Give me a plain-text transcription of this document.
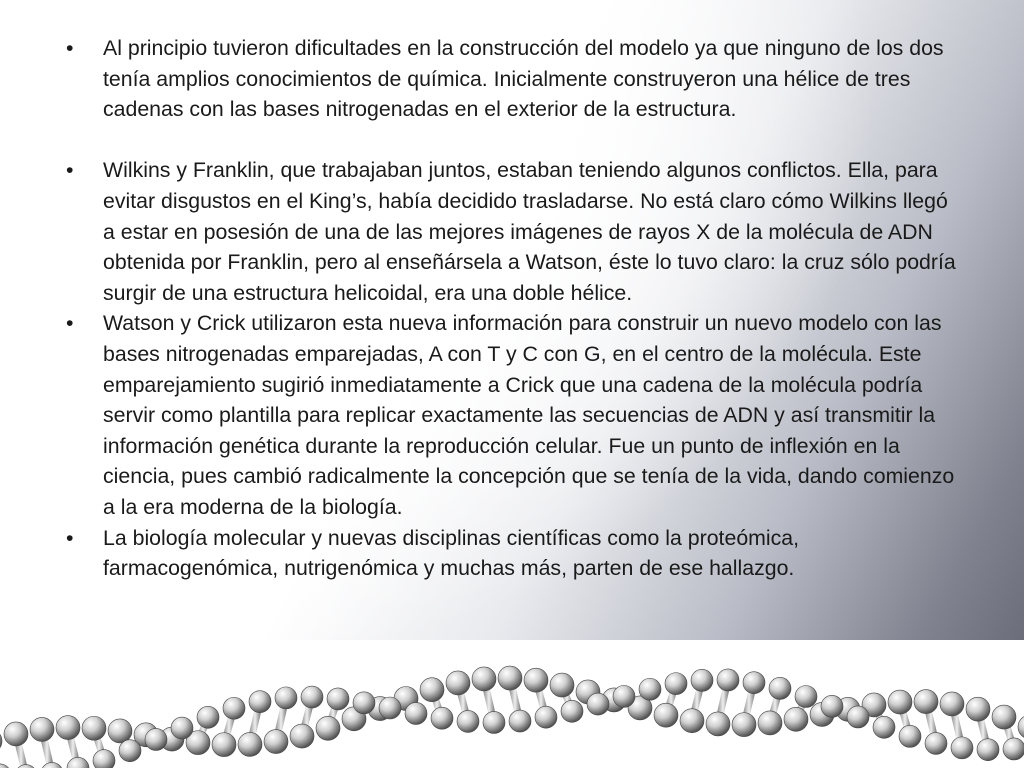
•	Al principio tuvieron dificultades en la construcción del modelo ya que ninguno de los dos tenía amplios conocimientos de química. Inicialmente construyeron una hélice de tres cadenas con las bases nitrogenadas en el exterior de la estructura.
•	Wilkins y Franklin, que trabajaban juntos, estaban teniendo algunos conflictos. Ella, para evitar disgustos en el King’s, había decidido trasladarse. No está claro cómo Wilkins llegó a estar en posesión de una de las mejores imágenes de rayos X de la molécula de ADN obtenida por Franklin, pero al enseñársela a Watson, éste lo tuvo claro: la cruz sólo podría surgir de una estructura helicoidal, era una doble hélice.
•	Watson y Crick utilizaron esta nueva información para construir un nuevo modelo con las bases nitrogenadas emparejadas, A con T y C con G, en el centro de la molécula. Este emparejamiento sugirió inmediatamente a Crick que una cadena de la molécula podría servir como plantilla para replicar exactamente las secuencias de ADN y así transmitir la información genética durante la reproducción celular. Fue un punto de inflexión en la ciencia, pues cambió radicalmente la concepción que se tenía de la vida, dando comienzo a la era moderna de la biología.
•	La biología molecular y nuevas disciplinas científicas como la proteómica, farmacogenómica, nutrigenómica y muchas más, parten de ese hallazgo.
